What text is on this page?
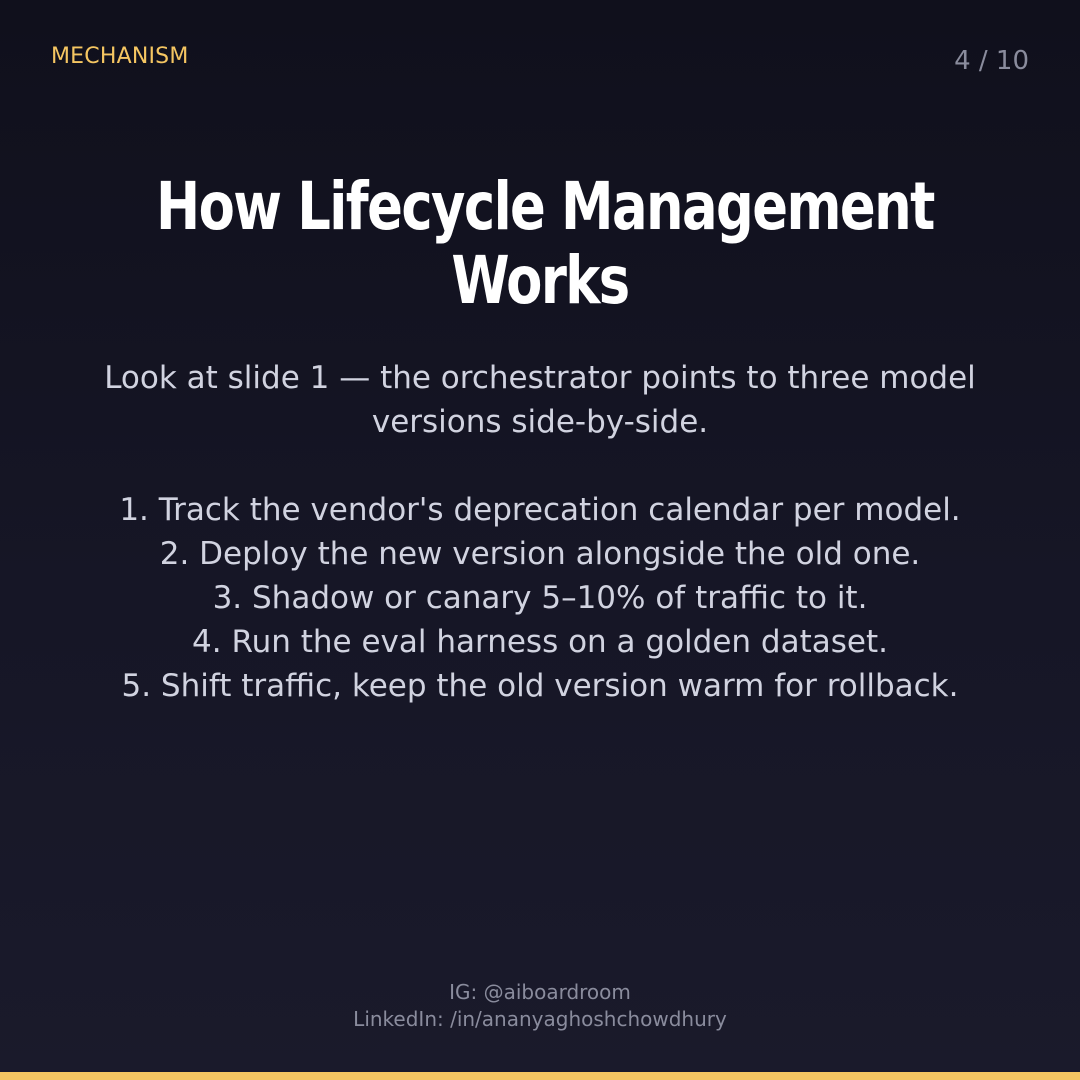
MECHANISM	4 / 10
How Lifecycle Management
Works
Look at slide 1 — the orchestrator points to three model
versions side-by-side.
1. Track the vendor's deprecation calendar per model.
2. Deploy the new version alongside the old one.
3. Shadow or canary 5–10% of traffic to it.
4. Run the eval harness on a golden dataset.
5. Shift traffic, keep the old version warm for rollback.
IG: @aiboardroom
LinkedIn: /in/ananyaghoshchowdhury
